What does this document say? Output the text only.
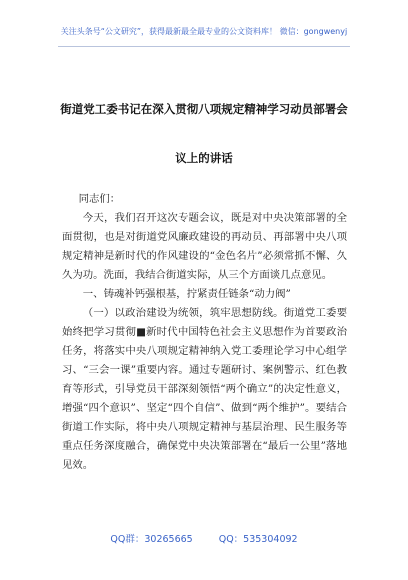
关注头条号“公文研究”，获得最新最全最专业的公文资料库！ 微信：gongwenyj
街道党工委书记在深入贯彻八项规定精神学习动员部署会
议上的讲话

同志们：

今天，我们召开这次专题会议，既是对中央决策部署的全面贯彻，也是对街道党风廉政建设的再动员、再部署中央八项规定精神是新时代的作风建设的“金色名片”必须常抓不懈、久久为功。洗面，我结合街道实际，从三个方面谈几点意见。

一、铸魂补钙强根基，拧紧责任链条“动力阀”

（一）以政治建设为统领，筑牢思想防线。街道党工委要始终把学习贯彻■新时代中国特色社会主义思想作为首要政治任务，将落实中央八项规定精神纳入党工委理论学习中心组学习、“三会一课”重要内容。通过专题研讨、案例警示、红色教育等形式，引导党员干部深刻领悟“两个确立”的决定性意义，增强“四个意识”、坚定“四个自信”、做到“两个维护”。要结合街道工作实际，将中央八项规定精神与基层治理、民生服务等重点任务深度融合，确保党中央决策部署在“最后一公里”落地见效。

QQ群：30265665	QQ：535304092
